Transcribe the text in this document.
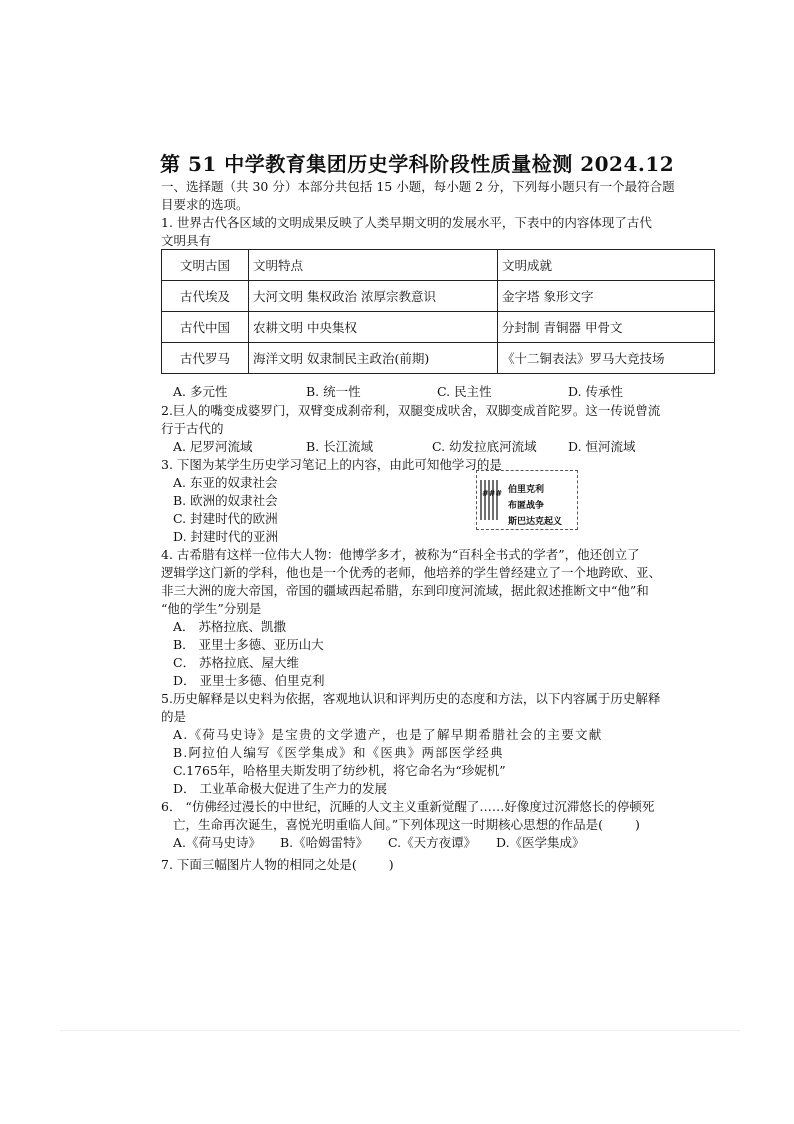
第 51 中学教育集团历史学科阶段性质量检测 2024.12
一、选择题（共 30 分）本部分共包括 15 小题，每小题 2 分，下列每小题只有一个最符合题
目要求的选项。
1. 世界古代各区域的文明成果反映了人类早期文明的发展水平，下表中的内容体现了古代
文明具有
文明古国	文明特点	文明成就
古代埃及	大河文明 集权政治 浓厚宗教意识	金字塔 象形文字
古代中国	农耕文明 中央集权	分封制 青铜器 甲骨文
古代罗马	海洋文明 奴隶制民主政治(前期)	《十二铜表法》罗马大竞技场
A. 多元性	B. 统一性	C. 民主性	D. 传承性
2.巨人的嘴变成婆罗门，双臂变成刹帝利，双腿变成吠舍，双脚变成首陀罗。这一传说曾流
行于古代的
A. 尼罗河流域	B. 长江流域	C. 幼发拉底河流域	D. 恒河流域
3. 下图为某学生历史学习笔记上的内容，由此可知他学习的是
A. 东亚的奴隶社会
B. 欧洲的奴隶社会
C. 封建时代的欧洲
D. 封建时代的亚洲
### 伯里克利
布匿战争
斯巴达克起义
4. 古希腊有这样一位伟大人物：他博学多才，被称为“百科全书式的学者”，他还创立了
逻辑学这门新的学科，他也是一个优秀的老师，他培养的学生曾经建立了一个地跨欧、亚、
非三大洲的庞大帝国，帝国的疆域西起希腊，东到印度河流域，据此叙述推断文中“他”和
“他的学生”分别是
A． 苏格拉底、凯撒
B． 亚里士多德、亚历山大
C． 苏格拉底、屋大维
D． 亚里士多德、伯里克利
5.历史解释是以史料为依据，客观地认识和评判历史的态度和方法，以下内容属于历史解释
的是
A.《荷马史诗》是宝贵的文学遗产，也是了解早期希腊社会的主要文献
B.阿拉伯人编写《医学集成》和《医典》两部医学经典
C.1765年，哈格里夫斯发明了纺纱机，将它命名为“珍妮机”
D． 工业革命极大促进了生产力的发展
6． “仿佛经过漫长的中世纪，沉睡的人文主义重新觉醒了……好像度过沉滞悠长的停顿死
亡，生命再次诞生，喜悦光明重临人间。”下列体现这一时期核心思想的作品是(	)
A.《荷马史诗》 B.《哈姆雷特》 C.《天方夜谭》 D.《医学集成》
7. 下面三幅图片人物的相同之处是(	)
